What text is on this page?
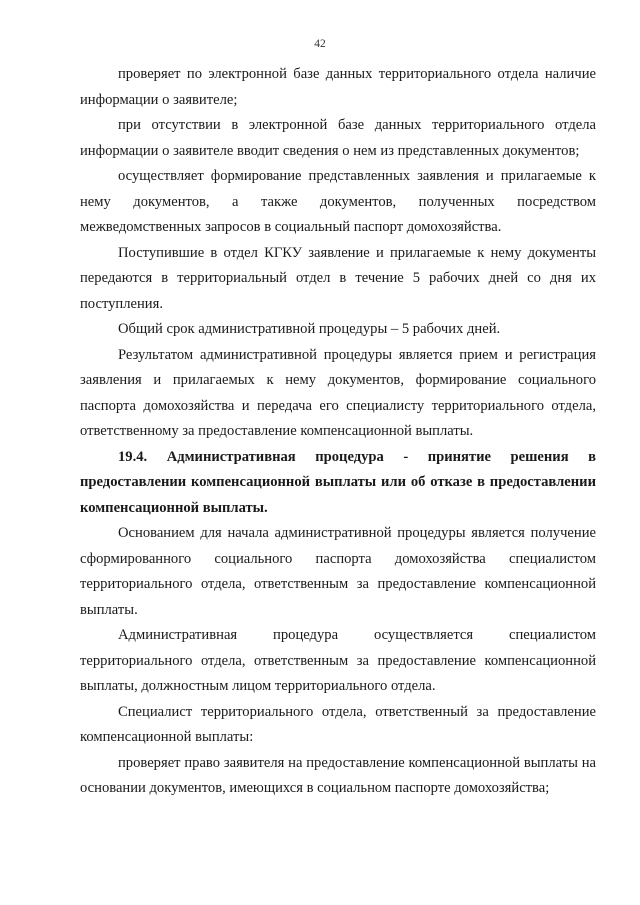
42

проверяет по электронной базе данных территориального отдела наличие информации о заявителе;

при отсутствии в электронной базе данных территориального отдела информации о заявителе вводит сведения о нем из представленных документов;

осуществляет формирование представленных заявления и прилагаемые к нему документов, а также документов, полученных посредством межведомственных запросов в социальный паспорт домохозяйства.

Поступившие в отдел КГКУ заявление и прилагаемые к нему документы передаются в территориальный отдел в течение 5 рабочих дней со дня их поступления.

Общий срок административной процедуры – 5 рабочих дней.

Результатом административной процедуры является прием и регистрация заявления и прилагаемых к нему документов, формирование социального паспорта домохозяйства и передача его специалисту территориального отдела, ответственному за предоставление компенсационной выплаты.

19.4. Административная процедура - принятие решения в предоставлении компенсационной выплаты или об отказе в предоставлении компенсационной выплаты.

Основанием для начала административной процедуры является получение сформированного социального паспорта домохозяйства специалистом территориального отдела, ответственным за предоставление компенсационной выплаты.

Административная процедура осуществляется специалистом территориального отдела, ответственным за предоставление компенсационной выплаты, должностным лицом территориального отдела.

Специалист территориального отдела, ответственный за предоставление компенсационной выплаты:

проверяет право заявителя на предоставление компенсационной выплаты на основании документов, имеющихся в социальном паспорте домохозяйства;
